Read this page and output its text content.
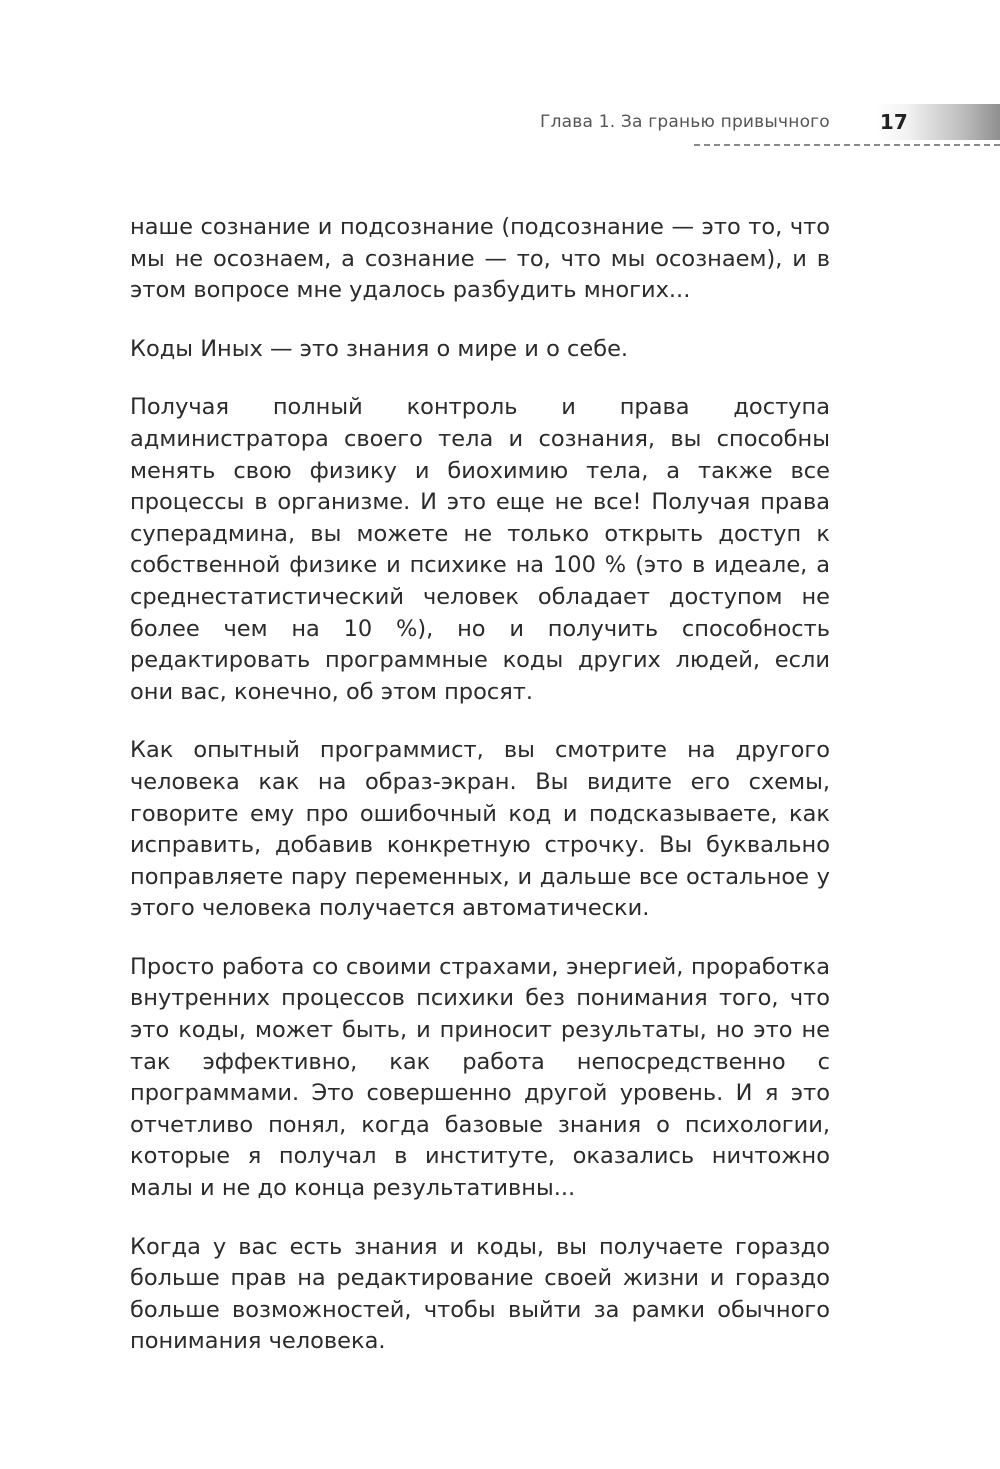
Глава 1. За гранью привычного	17

наше сознание и подсознание (подсознание — это то, что мы не осознаем, а сознание — то, что мы осознаем), и в этом вопросе мне удалось разбудить многих...

Коды Иных — это знания о мире и о себе.

Получая полный контроль и права доступа администратора своего тела и сознания, вы способны менять свою физику и биохимию тела, а также все процессы в организме. И это еще не все! Получая права суперадмина, вы можете не только открыть доступ к собственной физике и психике на 100 % (это в идеале, а среднестатистический человек обладает доступом не более чем на 10 %), но и получить способность редактировать программные коды других людей, если они вас, конечно, об этом просят.

Как опытный программист, вы смотрите на другого человека как на образ-экран. Вы видите его схемы, говорите ему про ошибочный код и подсказываете, как исправить, добавив конкретную строчку. Вы буквально поправляете пару переменных, и дальше все остальное у этого человека получается автоматически.

Просто работа со своими страхами, энергией, проработка внутренних процессов психики без понимания того, что это коды, может быть, и приносит результаты, но это не так эффективно, как работа непосредственно с программами. Это совершенно другой уровень. И я это отчетливо понял, когда базовые знания о психологии, которые я получал в институте, оказались ничтожно малы и не до конца результативны...

Когда у вас есть знания и коды, вы получаете гораздо больше прав на редактирование своей жизни и гораздо больше возможностей, чтобы выйти за рамки обычного понимания человека.
